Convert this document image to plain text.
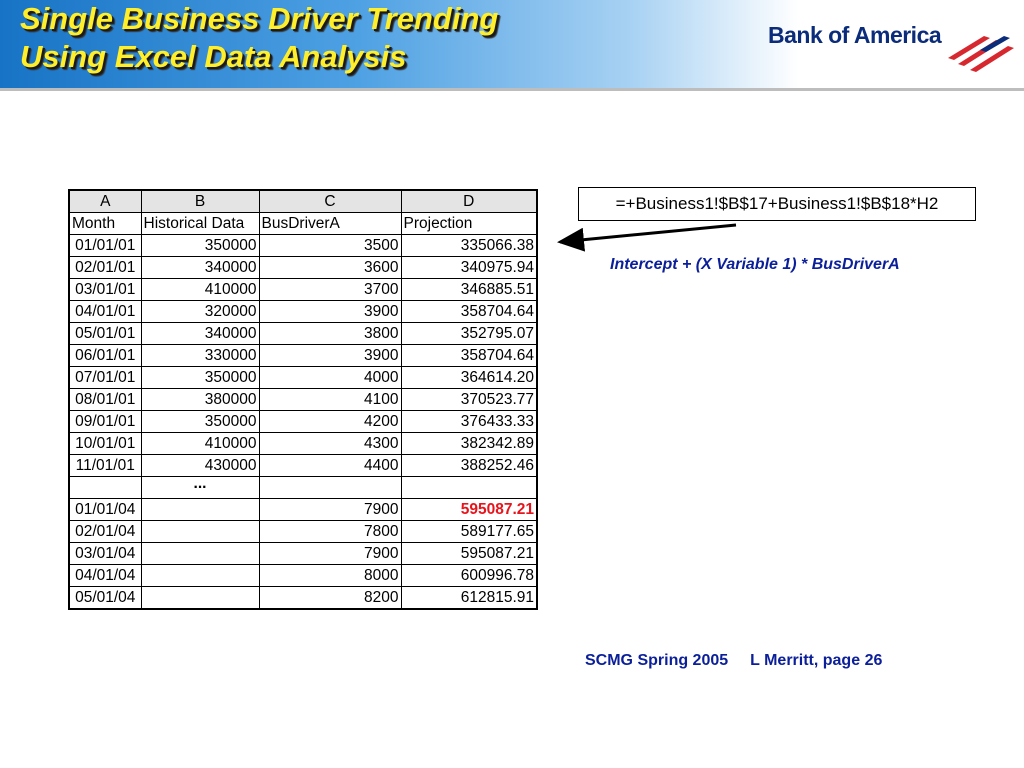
Single Business Driver Trending
Using Excel Data Analysis
Bank of America
A	B	C	D
Month	Historical Data	BusDriverA	Projection
01/01/01	350000	3500	335066.38
02/01/01	340000	3600	340975.94
03/01/01	410000	3700	346885.51
04/01/01	320000	3900	358704.64
05/01/01	340000	3800	352795.07
06/01/01	330000	3900	358704.64
07/01/01	350000	4000	364614.20
08/01/01	380000	4100	370523.77
09/01/01	350000	4200	376433.33
10/01/01	410000	4300	382342.89
11/01/01	430000	4400	388252.46
	...		
01/01/04		7900	595087.21
02/01/04		7800	589177.65
03/01/04		7900	595087.21
04/01/04		8000	600996.78
05/01/04		8200	612815.91
=+Business1!$B$17+Business1!$B$18*H2
Intercept + (X Variable 1) * BusDriverA
SCMG Spring 2005 L Merritt, page 26
